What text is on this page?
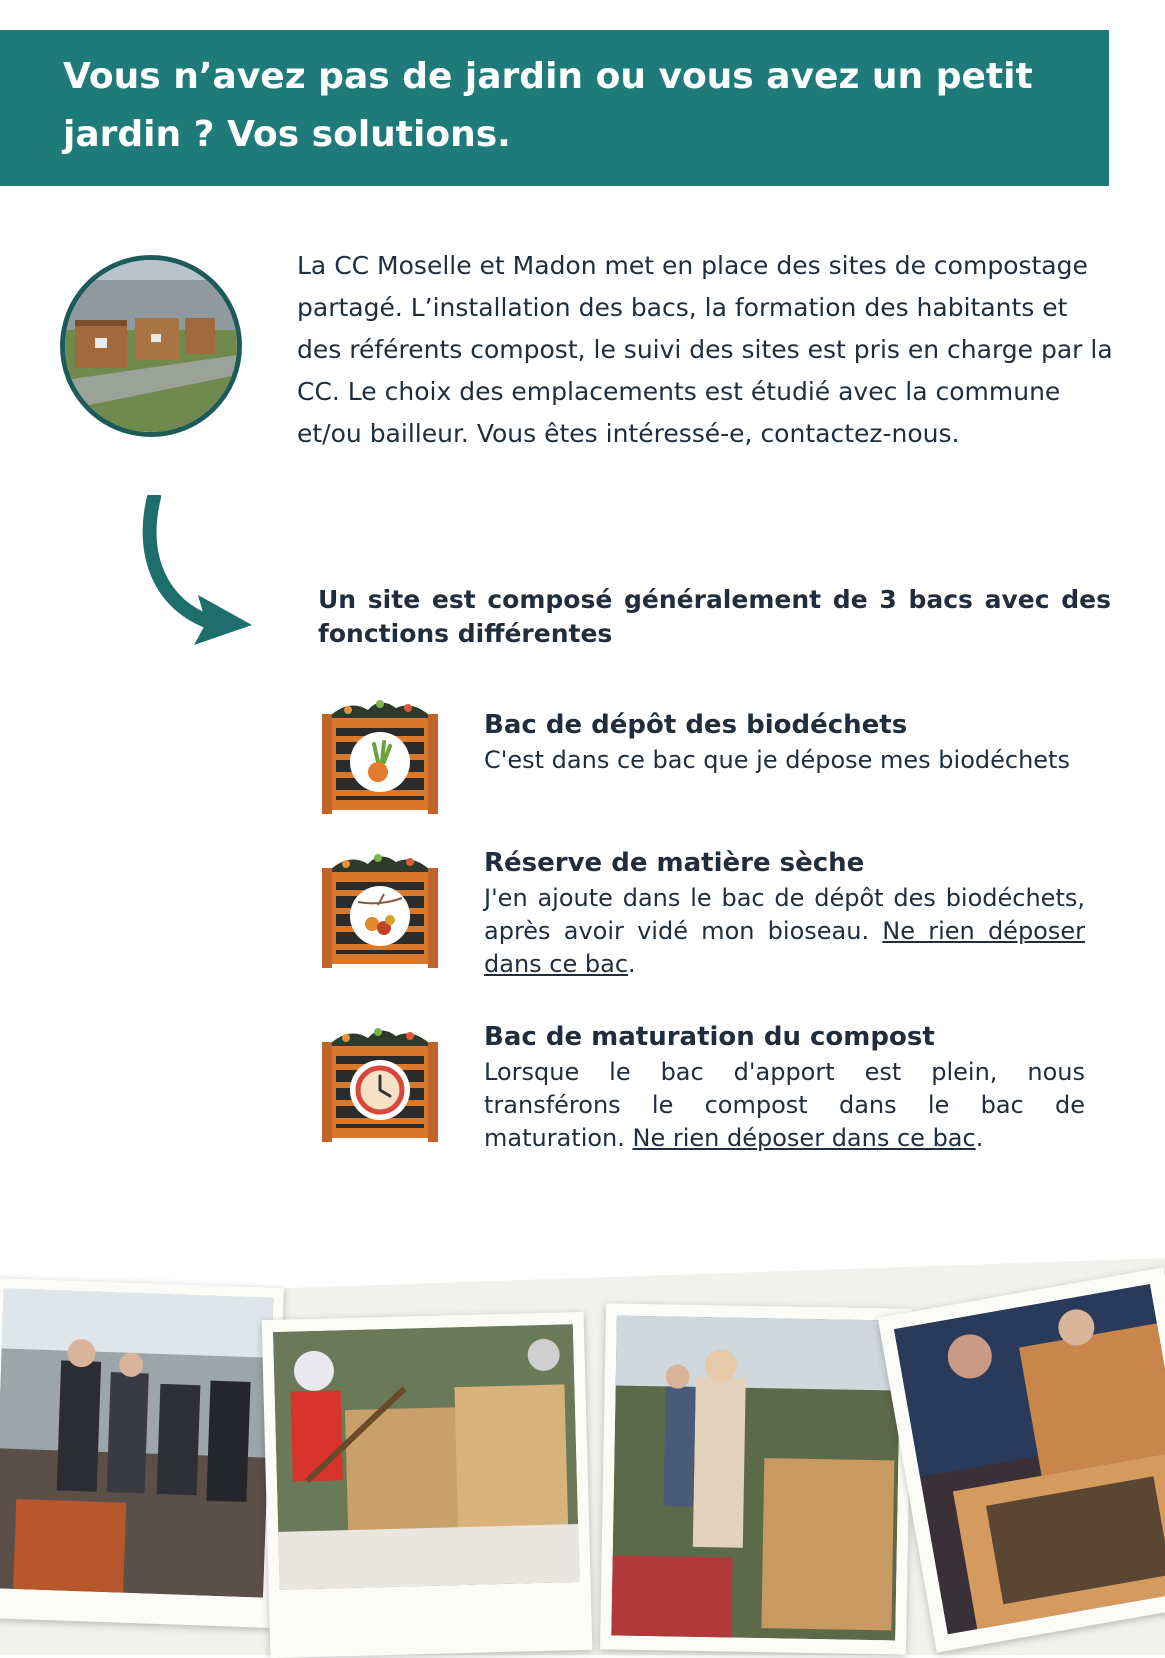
Vous n’avez pas de jardin ou vous avez un petit jardin ? Vos solutions.

La CC Moselle et Madon met en place des sites de compostage partagé. L’installation des bacs, la formation des habitants et des référents compost, le suivi des sites est pris en charge par la CC. Le choix des emplacements est étudié avec la commune et/ou bailleur. Vous êtes intéressé-e, contactez-nous.

Un site est composé généralement de 3 bacs avec des fonctions différentes

Bac de dépôt des biodéchets

C'est dans ce bac que je dépose mes biodéchets

Réserve de matière sèche

J'en ajoute dans le bac de dépôt des biodéchets, après avoir vidé mon bioseau. Ne rien déposer dans ce bac.

Bac de maturation du compost

Lorsque le bac d'apport est plein, nous transférons le compost dans le bac de maturation. Ne rien déposer dans ce bac.
